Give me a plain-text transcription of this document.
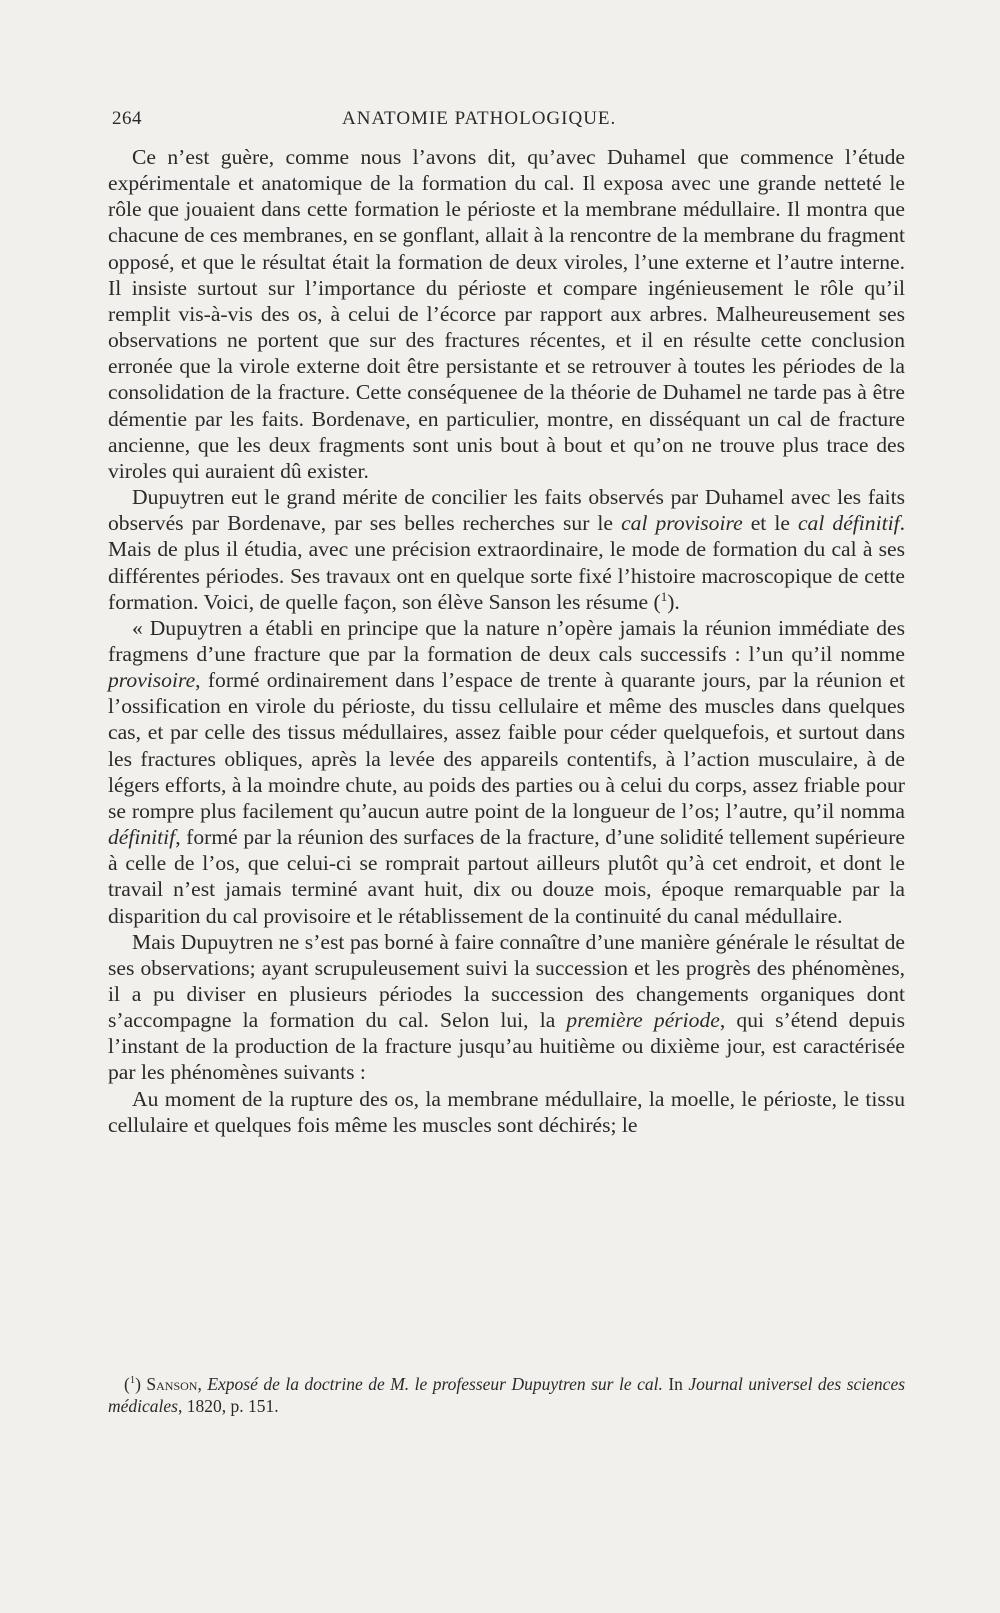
264	ANATOMIE PATHOLOGIQUE.

Ce n’est guère, comme nous l’avons dit, qu’avec Duhamel que commence l’étude expérimentale et anatomique de la formation du cal. Il exposa avec une grande netteté le rôle que jouaient dans cette formation le périoste et la membrane médullaire. Il montra que chacune de ces membranes, en se gonflant, allait à la rencontre de la membrane du fragment opposé, et que le résultat était la formation de deux viroles, l’une externe et l’autre interne. Il insiste surtout sur l’importance du périoste et compare ingénieusement le rôle qu’il remplit vis-à-vis des os, à celui de l’écorce par rapport aux arbres. Malheureusement ses observations ne portent que sur des fractures récentes, et il en résulte cette conclusion erronée que la virole externe doit être persistante et se retrouver à toutes les périodes de la consolidation de la fracture. Cette conséquenee de la théorie de Duhamel ne tarde pas à être démentie par les faits. Bordenave, en particulier, montre, en disséquant un cal de fracture ancienne, que les deux fragments sont unis bout à bout et qu’on ne trouve plus trace des viroles qui auraient dû exister.

Dupuytren eut le grand mérite de concilier les faits observés par Duhamel avec les faits observés par Bordenave, par ses belles recherches sur le cal provisoire et le cal définitif. Mais de plus il étudia, avec une précision extraordinaire, le mode de formation du cal à ses différentes périodes. Ses travaux ont en quelque sorte fixé l’histoire macroscopique de cette formation. Voici, de quelle façon, son élève Sanson les résume ($^1$).

« Dupuytren a établi en principe que la nature n’opère jamais la réunion immédiate des fragmens d’une fracture que par la formation de deux cals successifs : l’un qu’il nomme provisoire, formé ordinairement dans l’espace de trente à quarante jours, par la réunion et l’ossification en virole du périoste, du tissu cellulaire et même des muscles dans quelques cas, et par celle des tissus médullaires, assez faible pour céder quelquefois, et surtout dans les fractures obliques, après la levée des appareils contentifs, à l’action musculaire, à de légers efforts, à la moindre chute, au poids des parties ou à celui du corps, assez friable pour se rompre plus facilement qu’aucun autre point de la longueur de l’os; l’autre, qu’il nomma définitif, formé par la réunion des surfaces de la fracture, d’une solidité tellement supérieure à celle de l’os, que celui-ci se romprait partout ailleurs plutôt qu’à cet endroit, et dont le travail n’est jamais terminé avant huit, dix ou douze mois, époque remarquable par la disparition du cal provisoire et le rétablissement de la continuité du canal médullaire.

Mais Dupuytren ne s’est pas borné à faire connaître d’une manière générale le résultat de ses observations; ayant scrupuleusement suivi la succession et les progrès des phénomènes, il a pu diviser en plusieurs périodes la succession des changements organiques dont s’accompagne la formation du cal. Selon lui, la première période, qui s’étend depuis l’instant de la production de la fracture jusqu’au huitième ou dixième jour, est caractérisée par les phénomènes suivants :

Au moment de la rupture des os, la membrane médullaire, la moelle, le périoste, le tissu cellulaire et quelques fois même les muscles sont déchirés; le

($^1$) Sanson, Exposé de la doctrine de M. le professeur Dupuytren sur le cal. In Journal universel des sciences médicales, 1820, p. 151.
